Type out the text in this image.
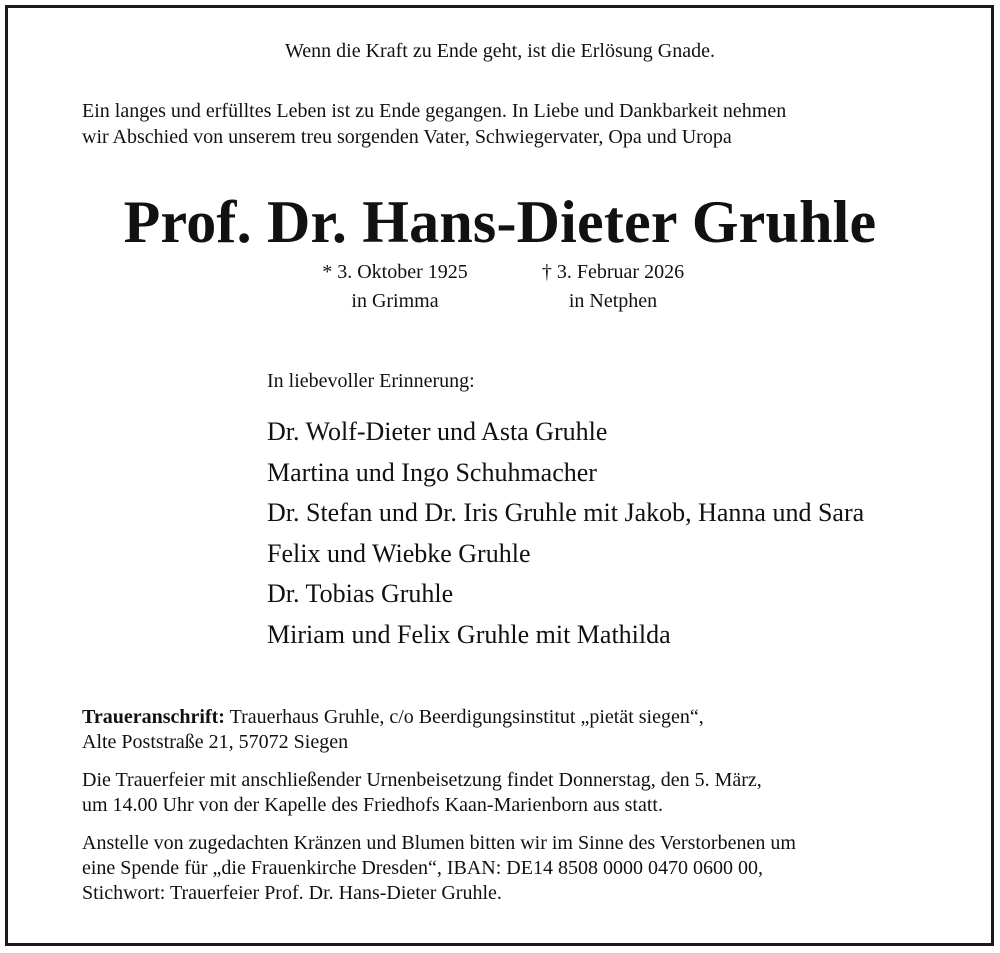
Wenn die Kraft zu Ende geht, ist die Erlösung Gnade.
Ein langes und erfülltes Leben ist zu Ende gegangen. In Liebe und Dankbarkeit nehmen
wir Abschied von unserem treu sorgenden Vater, Schwiegervater, Opa und Uropa
Prof. Dr. Hans-Dieter Gruhle
* 3. Oktober 1925
in Grimma
† 3. Februar 2026
in Netphen
In liebevoller Erinnerung:
Dr. Wolf-Dieter und Asta Gruhle
Martina und Ingo Schuhmacher
Dr. Stefan und Dr. Iris Gruhle mit Jakob, Hanna und Sara
Felix und Wiebke Gruhle
Dr. Tobias Gruhle
Miriam und Felix Gruhle mit Mathilda
Traueranschrift: Trauerhaus Gruhle, c/o Beerdigungsinstitut „pietät siegen“,
Alte Poststraße 21, 57072 Siegen
Die Trauerfeier mit anschließender Urnenbeisetzung findet Donnerstag, den 5. März,
um 14.00 Uhr von der Kapelle des Friedhofs Kaan-Marienborn aus statt.
Anstelle von zugedachten Kränzen und Blumen bitten wir im Sinne des Verstorbenen um
eine Spende für „die Frauenkirche Dresden“, IBAN: DE14 8508 0000 0470 0600 00,
Stichwort: Trauerfeier Prof. Dr. Hans-Dieter Gruhle.
